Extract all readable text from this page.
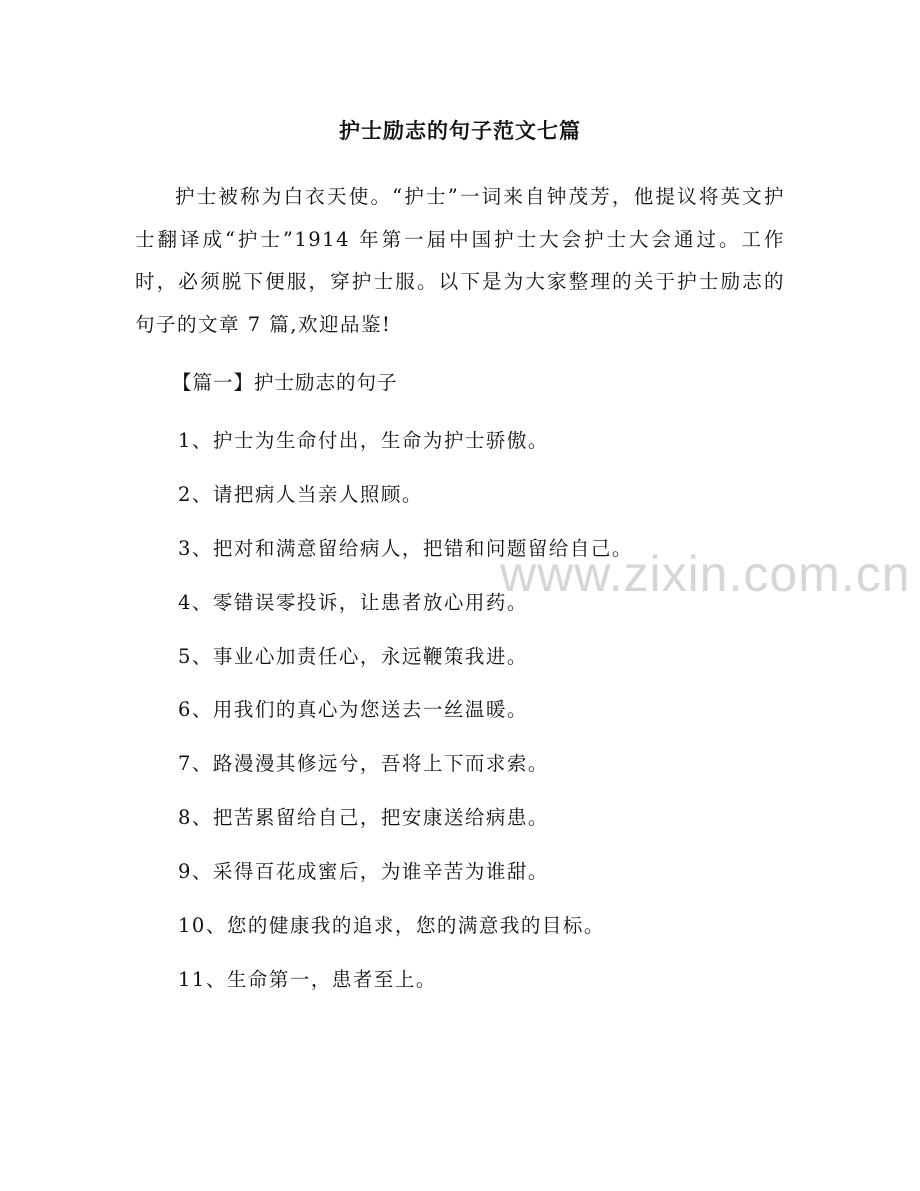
护士励志的句子范文七篇

护士被称为白衣天使。“护士”一词来自钟茂芳，他提议将英文护士翻译成“护士”1914 年第一届中国护士大会护士大会通过。工作时，必须脱下便服，穿护士服。以下是为大家整理的关于护士励志的句子的文章 7 篇,欢迎品鉴!

【篇一】护士励志的句子
1、护士为生命付出，生命为护士骄傲。
2、请把病人当亲人照顾。
3、把对和满意留给病人，把错和问题留给自己。
4、零错误零投诉，让患者放心用药。
5、事业心加责任心，永远鞭策我进。
6、用我们的真心为您送去一丝温暖。
7、路漫漫其修远兮，吾将上下而求索。
8、把苦累留给自己，把安康送给病患。
9、采得百花成蜜后，为谁辛苦为谁甜。
10、您的健康我的追求，您的满意我的目标。
11、生命第一，患者至上。
www.zixin.com.cn
